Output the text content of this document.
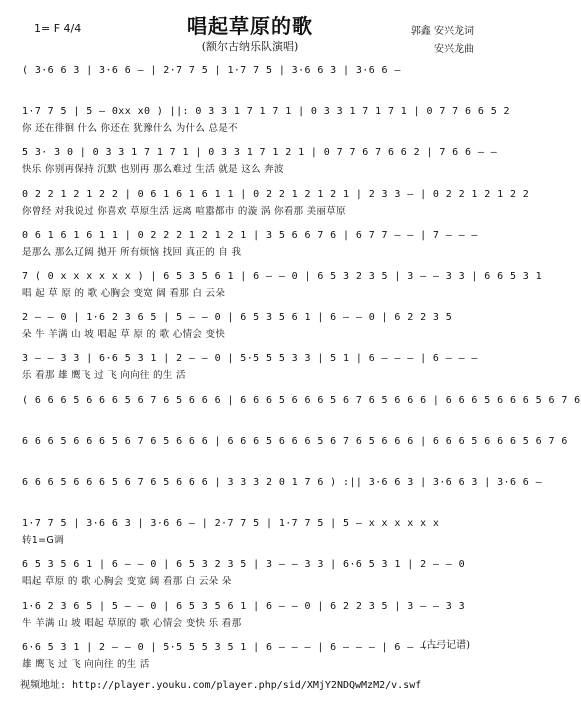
1= F 4/4	唱起草原的歌
(额尔古纳乐队演唱)
郭鑫 安兴龙词
安兴龙曲
( 3·6 6 3 | 3·6 6 – | 2·7 7 5 | 1·7 7 5 | 3·6 6 3 | 3·6 6 –
1·7 7 5 | 5 – 0xx x0 ) ||: 0 3 3 1 7 1 7 1 | 0 3 3 1 7 1 7 1 | 0 7 7 6 6 5 2
你 还在徘徊 什么 你还在 犹豫什么 为什么 总是不
5 3· 3 0 | 0 3 3 1 7 1 7 1 | 0 3 3 1 7 1 2 1 | 0 7 7 6 7 6 6 2 | 7 6 6 – –
快乐 你别再保持 沉默 也别再 那么难过 生活 就是 这么 奔波
0 2 2 1 2 1 2 2 | 0 6 1 6 1 6 1 1 | 0 2 2 1 2 1 2 1 | 2 3 3 – | 0 2 2 1 2 1 2 2
你曾经 对我说过 你喜欢 草原生活 远离 喧嚣都市 的漩 涡 你看那 美丽草原
0 6 1 6 1 6 1 1 | 0 2 2 2 1 2 1 2 1 | 3 5 6 6 7 6 | 6 7 7 – – | 7 – – –
是那么 那么辽阔 抛开 所有烦恼 找回 真正的 自 我
7 ( 0 x x x x x x ) | 6 5 3 5 6 1 | 6 – – 0 | 6 5 3 2 3 5 | 3 – – 3 3 | 6 6 5 3 1
唱 起 草 原 的 歌 心胸会 变宽 阔 看那 白 云朵
2 – – 0 | 1·6 2 3 6 5 | 5 – – 0 | 6 5 3 5 6 1 | 6 – – 0 | 6 2 2 3 5
朵 牛 羊满 山 坡 唱起 草 原 的 歌 心情会 变快
3 – – 3 3 | 6·6 5 3 1 | 2 – – 0 | 5·5 5 5 3 3 | 5 1 | 6 – – – | 6 – – –
乐 看那 雄 鹰飞 过 飞 向向往 的生 活
( 6 6 6 5 6 6 6 5 6 7 6 5 6 6 6 | 6 6 6 5 6 6 6 5 6 7 6 5 6 6 6 | 6 6 6 5 6 6 6 5 6 7 6
6 6 6 5 6 6 6 5 6 7 6 5 6 6 6 | 6 6 6 5 6 6 6 5 6 7 6 5 6 6 6 | 6 6 6 5 6 6 6 5 6 7 6
6 6 6 5 6 6 6 5 6 7 6 5 6 6 6 | 3 3 3 2 0 1 7 6 ) :|| 3·6 6 3 | 3·6 6 3 | 3·6 6 –
1·7 7 5 | 3·6 6 3 | 3·6 6 – | 2·7 7 5 | 1·7 7 5 | 5 – x x x x x x
转1=G调
6 5 3 5 6 1 | 6 – – 0 | 6 5 3 2 3 5 | 3 – – 3 3 | 6·6 5 3 1 | 2 – – 0
唱起 草原 的 歌 心胸会 变宽 阔 看那 白 云朵 朵
1·6 2 3 6 5 | 5 – – 0 | 6 5 3 5 6 1 | 6 – – 0 | 6 2 2 3 5 | 3 – – 3 3
牛 羊满 山 坡 唱起 草原的 歌 心情会 变快 乐 看那
6·6 5 3 1 | 2 – – 0 | 5·5 5 5 3 5 1 | 6 – – – | 6 – – – | 6 – – –
雄 鹰飞 过 飞 向向往 的生 活
(古弓记谱)
视频地址: http://player.youku.com/player.php/sid/XMjY2NDQwMzM2/v.swf
